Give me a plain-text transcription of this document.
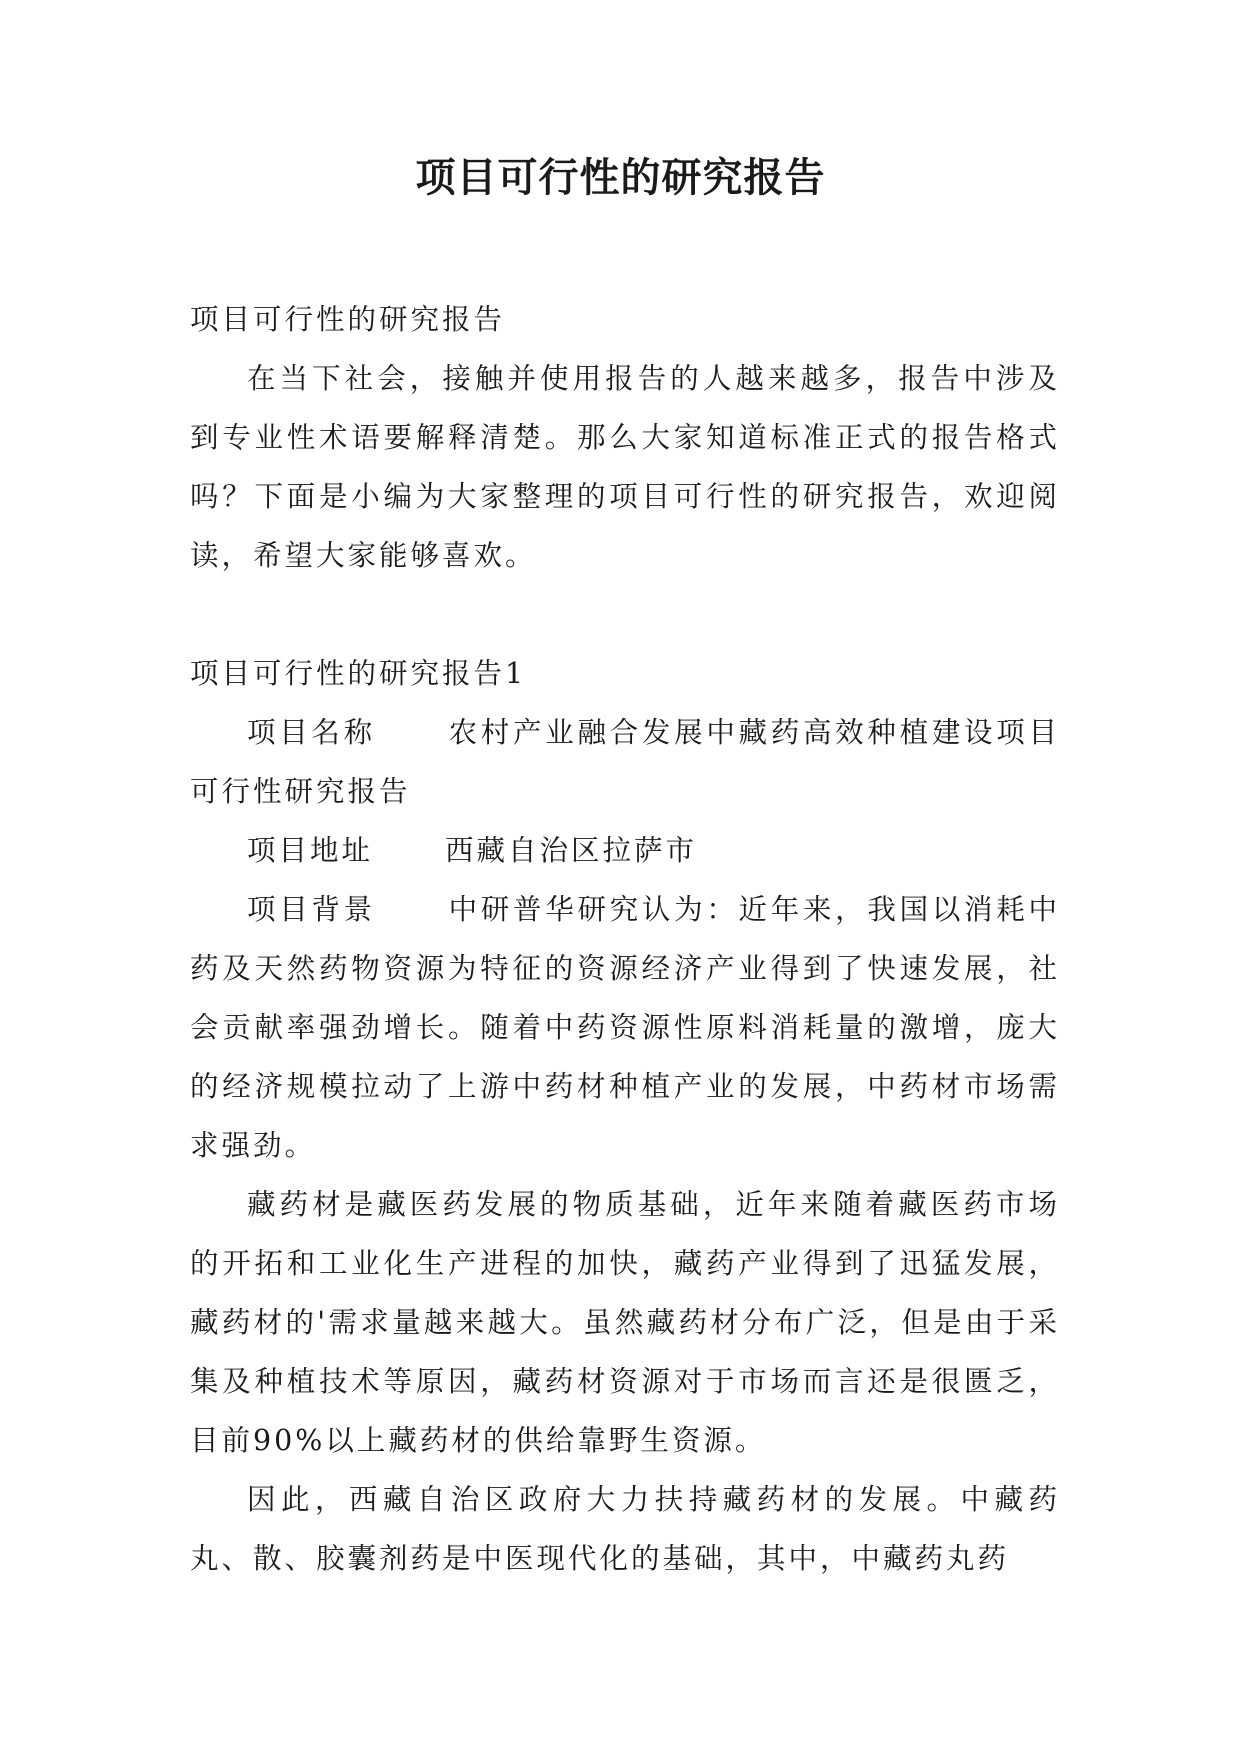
项目可行性的研究报告

项目可行性的研究报告

在当下社会，接触并使用报告的人越来越多，报告中涉及到专业性术语要解释清楚。那么大家知道标准正式的报告格式吗？下面是小编为大家整理的项目可行性的研究报告，欢迎阅读，希望大家能够喜欢。

项目可行性的研究报告1

项目名称	农村产业融合发展中藏药高效种植建设项目可行性研究报告

项目地址	西藏自治区拉萨市

项目背景	中研普华研究认为：近年来，我国以消耗中药及天然药物资源为特征的资源经济产业得到了快速发展，社会贡献率强劲增长。随着中药资源性原料消耗量的激增，庞大的经济规模拉动了上游中药材种植产业的发展，中药材市场需求强劲。

藏药材是藏医药发展的物质基础，近年来随着藏医药市场的开拓和工业化生产进程的加快，藏药产业得到了迅猛发展，藏药材的'需求量越来越大。虽然藏药材分布广泛，但是由于采集及种植技术等原因，藏药材资源对于市场而言还是很匮乏，目前90%以上藏药材的供给靠野生资源。

因此，西藏自治区政府大力扶持藏药材的发展。中藏药丸、散、胶囊剂药是中医现代化的基础，其中，中藏药丸药
